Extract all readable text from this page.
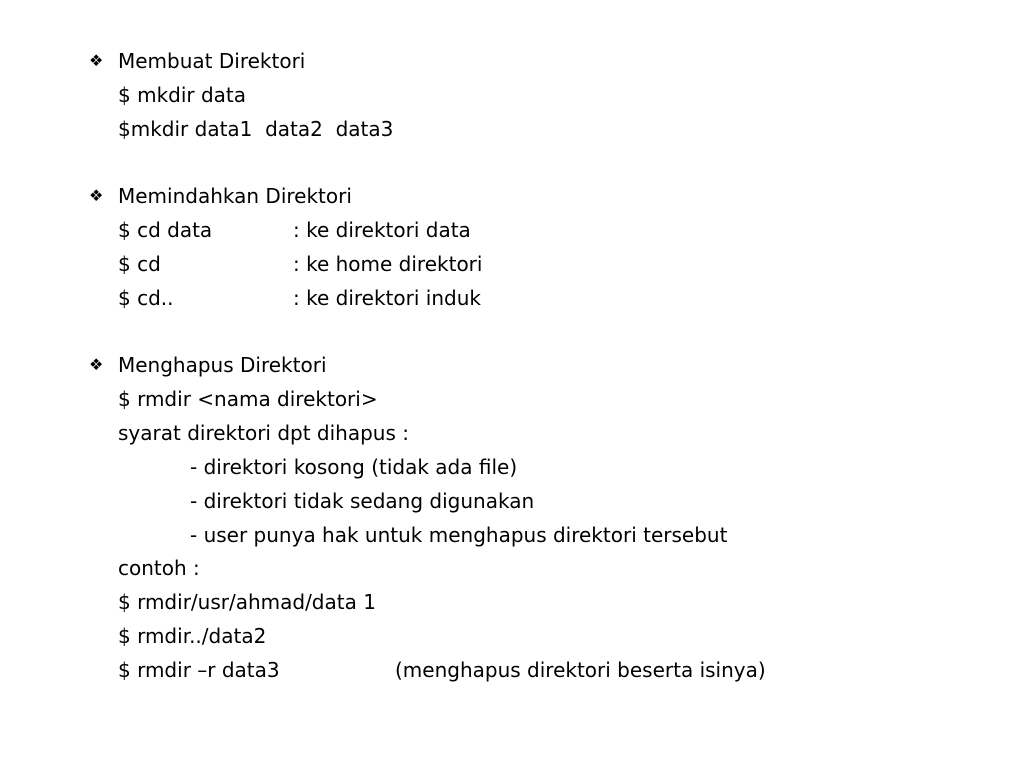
❖ Membuat Direktori
$ mkdir data
$mkdir data1  data2  data3
❖ Memindahkan Direktori
$ cd data	: ke direktori data
$ cd	: ke home direktori
$ cd..	: ke direktori induk
❖ Menghapus Direktori
$ rmdir <nama direktori>
syarat direktori dpt dihapus :
- direktori kosong (tidak ada file)
- direktori tidak sedang digunakan
- user punya hak untuk menghapus direktori tersebut
contoh :
$ rmdir/usr/ahmad/data 1
$ rmdir../data2
$ rmdir –r data3	(menghapus direktori beserta isinya)
